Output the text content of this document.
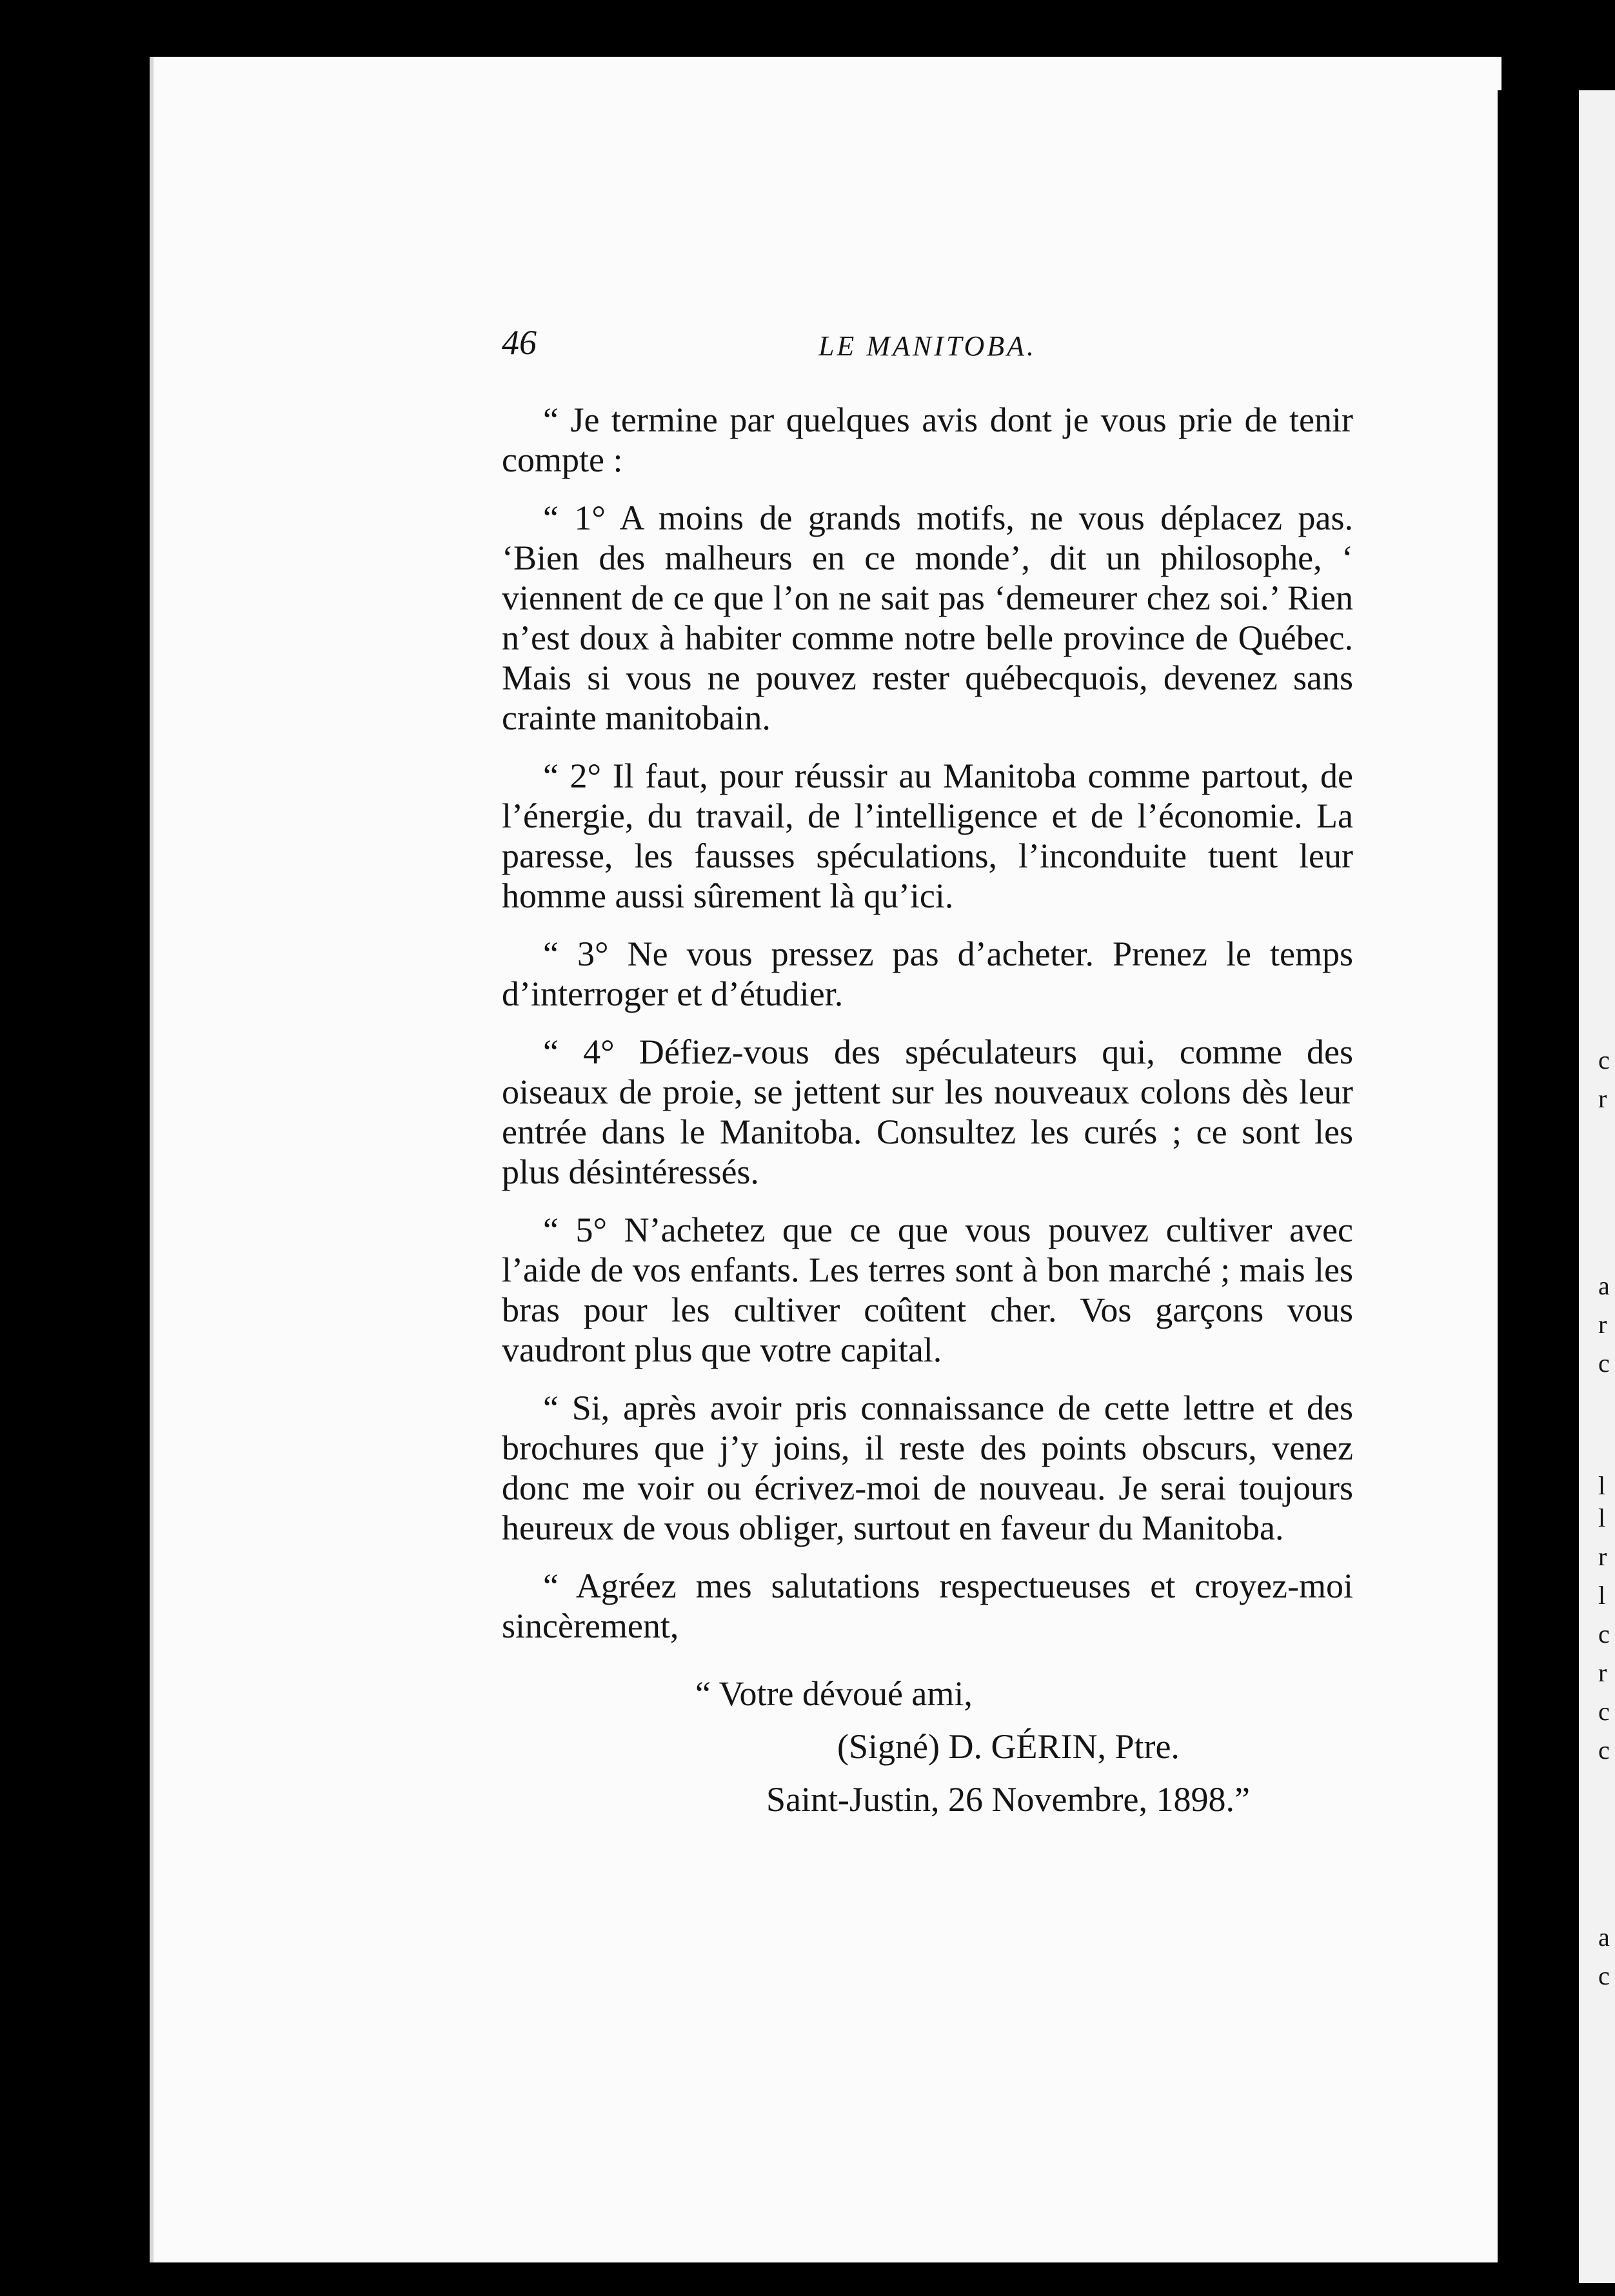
c
r
a
r
c
l
l
r
l
c
r
c
c
a
c
46	LE MANITOBA.

“ Je termine par quelques avis dont je vous prie de tenir compte :

“ 1° A moins de grands motifs, ne vous déplacez pas. ‘Bien des malheurs en ce monde’, dit un philosophe, ‘ viennent de ce que l’on ne sait pas ‘demeurer chez soi.’ Rien n’est doux à habiter comme notre belle province de Québec. Mais si vous ne pouvez rester québecquois, devenez sans crainte manitobain.

“ 2° Il faut, pour réussir au Manitoba comme partout, de l’énergie, du travail, de l’intelligence et de l’économie. La paresse, les fausses spéculations, l’inconduite tuent leur homme aussi sûrement là qu’ici.

“ 3° Ne vous pressez pas d’acheter. Prenez le temps d’interroger et d’étudier.

“ 4° Défiez-vous des spéculateurs qui, comme des oiseaux de proie, se jettent sur les nouveaux colons dès leur entrée dans le Manitoba. Consultez les curés ; ce sont les plus désintéressés.

“ 5° N’achetez que ce que vous pouvez cultiver avec l’aide de vos enfants. Les terres sont à bon marché ; mais les bras pour les cultiver coûtent cher. Vos garçons vous vaudront plus que votre capital.

“ Si, après avoir pris connaissance de cette lettre et des brochures que j’y joins, il reste des points obscurs, venez donc me voir ou écrivez-moi de nouveau. Je serai toujours heureux de vous obliger, surtout en faveur du Manitoba.

“ Agréez mes salutations respectueuses et croyez-moi sincèrement,

“ Votre dévoué ami,

(Signé) D. GÉRIN, Ptre.

Saint-Justin, 26 Novembre, 1898.”
